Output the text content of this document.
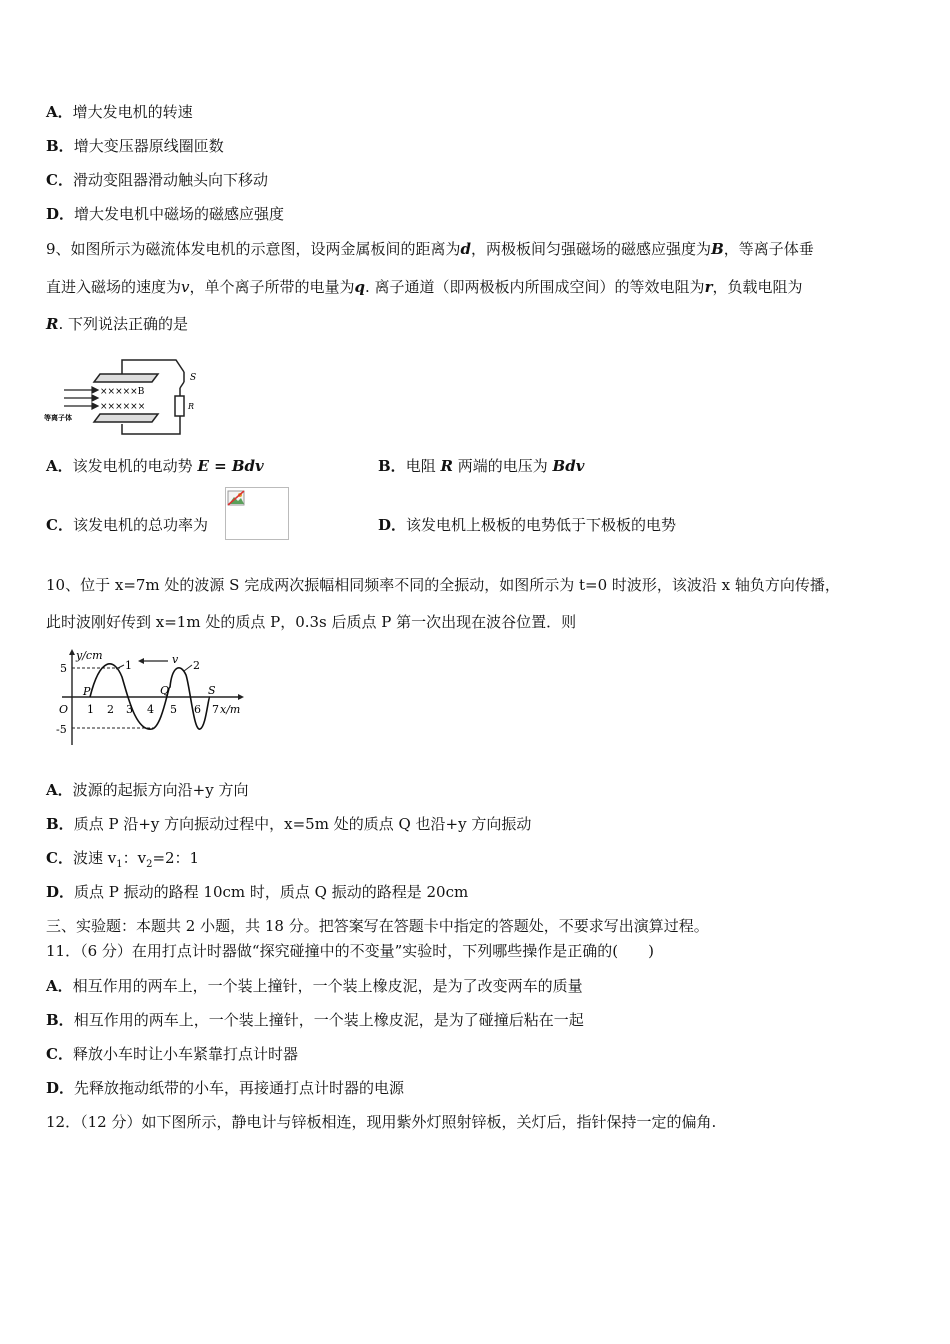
A．增大发电机的转速
B．增大变压器原线圈匝数
C．滑动变阻器滑动触头向下移动
D．增大发电机中磁场的磁感应强度
9、如图所示为磁流体发电机的示意图，设两金属板间的距离为d，两极板间匀强磁场的磁感应强度为B，等离子体垂
直进入磁场的速度为v，单个离子所带的电量为q. 离子通道（即两极板内所围成空间）的等效电阻为r，负载电阻为
R. 下列说法正确的是
×××××B
××××××
S
R
等离子体
A．该发电机的电动势 E = Bdv	B．电阻 R 两端的电压为 Bdv
C．该发电机的总功率为	D．该发电机上极板的电势低于下极板的电势
10、位于 x=7m 处的波源 S 完成两次振幅相同频率不同的全振动，如图所示为 t=0 时波形，该波沿 x 轴负方向传播，
此时波刚好传到 x=1m 处的质点 P，0.3s 后质点 P 第一次出现在波谷位置．则
v
1	2
y/cm
5
-5
O
P	Q	S
1 2 3 4 5 6 7 x/m
A．波源的起振方向沿+y 方向
B．质点 P 沿+y 方向振动过程中，x=5m 处的质点 Q 也沿+y 方向振动
C．波速 $v_1$：$v_2=2$：1
D．质点 P 振动的路程 10cm 时，质点 Q 振动的路程是 20cm
三、实验题：本题共 2 小题，共 18 分。把答案写在答题卡中指定的答题处，不要求写出演算过程。
11．（6 分）在用打点计时器做“探究碰撞中的不变量”实验时，下列哪些操作是正确的(　　)
A．相互作用的两车上，一个装上撞针，一个装上橡皮泥，是为了改变两车的质量
B．相互作用的两车上，一个装上撞针，一个装上橡皮泥，是为了碰撞后粘在一起
C．释放小车时让小车紧靠打点计时器
D．先释放拖动纸带的小车，再接通打点计时器的电源
12．（12 分）如下图所示，静电计与锌板相连，现用紫外灯照射锌板，关灯后，指针保持一定的偏角.
